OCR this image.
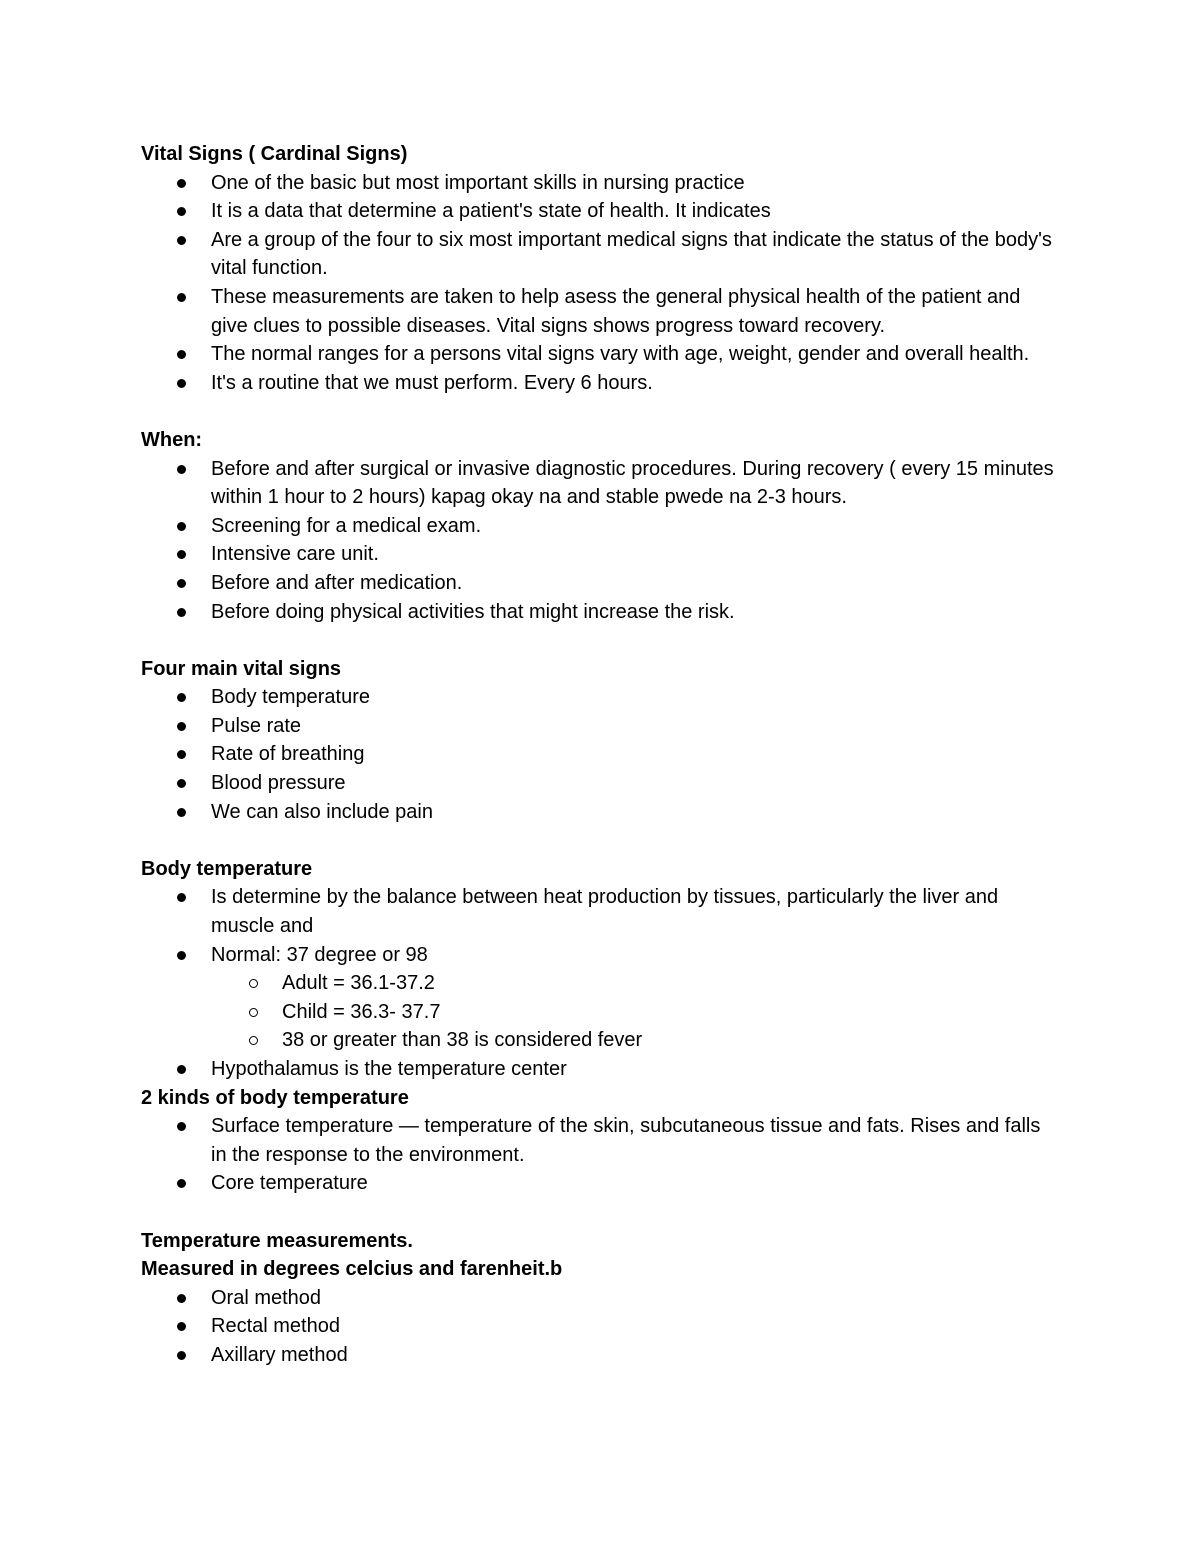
Vital Signs ( Cardinal Signs)
One of the basic but most important skills in nursing practice
It is a data that determine a patient's state of health. It indicates
Are a group of the four to six most important medical signs that indicate the status of the body's vital function.
These measurements are taken to help asess the general physical health of the patient and give clues to possible diseases. Vital signs shows progress toward recovery.
The normal ranges for a persons vital signs vary with age, weight, gender and overall health.
It's a routine that we must perform. Every 6 hours.
When:
Before and after surgical or invasive diagnostic procedures. During recovery ( every 15 minutes within 1 hour to 2 hours) kapag okay na and stable pwede na 2-3 hours.
Screening for a medical exam.
Intensive care unit.
Before and after medication.
Before doing physical activities that might increase the risk.
Four main vital signs
Body temperature
Pulse rate
Rate of breathing
Blood pressure
We can also include pain
Body temperature
Is determine by the balance between heat production by tissues, particularly the liver and muscle and
Normal: 37 degree or 98
Adult = 36.1-37.2
Child = 36.3- 37.7
38 or greater than 38 is considered fever
Hypothalamus is the temperature center
2 kinds of body temperature
Surface temperature — temperature of the skin, subcutaneous tissue and fats. Rises and falls in the response to the environment.
Core temperature
Temperature measurements.
Measured in degrees celcius and farenheit.b
Oral method
Rectal method
Axillary method
